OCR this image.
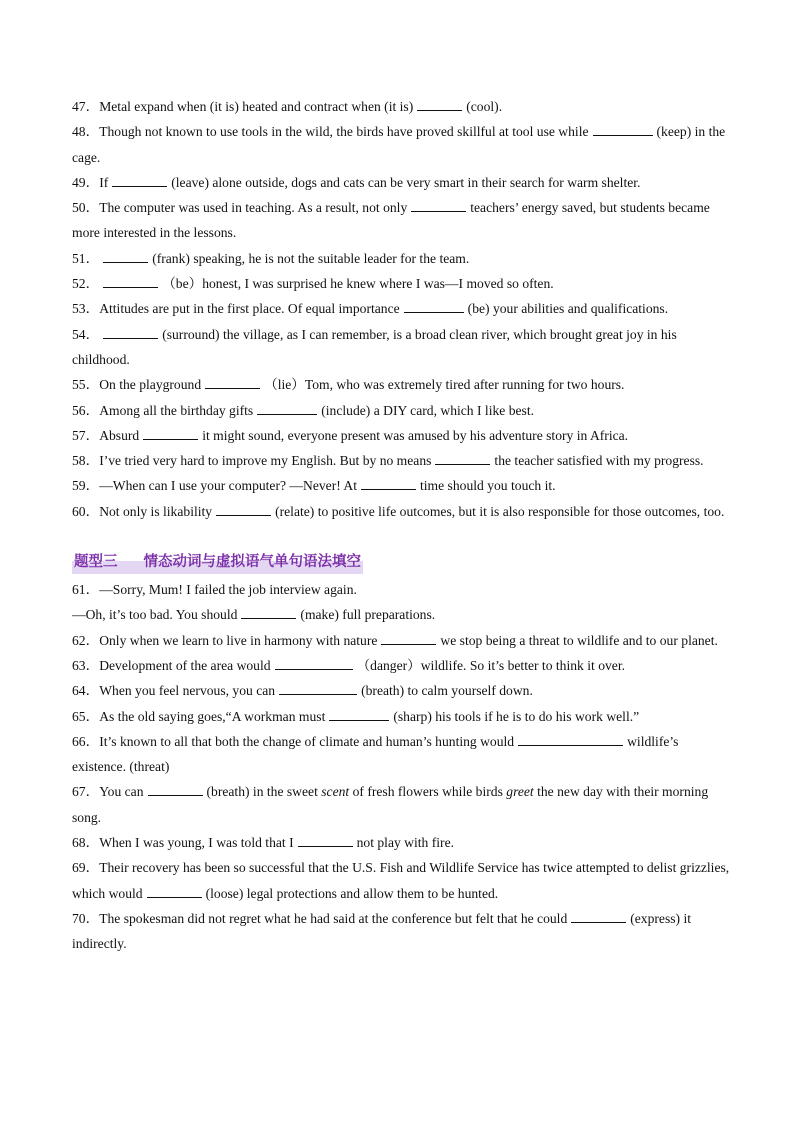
47．Metal expand when (it is) heated and contract when (it is)	(cool).
48．Though not known to use tools in the wild, the birds have proved skillful at tool use while	(keep) in the cage.
49．If	(leave) alone outside, dogs and cats can be very smart in their search for warm shelter.
50．The computer was used in teaching. As a result, not only	teachers’ energy saved, but students became more interested in the lessons.
51．	(frank) speaking, he is not the suitable leader for the team.
52．	（be）honest, I was surprised he knew where I was—I moved so often.
53．Attitudes are put in the first place. Of equal importance	(be) your abilities and qualifications.
54．	(surround) the village, as I can remember, is a broad clean river, which brought great joy in his childhood.
55．On the playground	（lie）Tom, who was extremely tired after running for two hours.
56．Among all the birthday gifts	(include) a DIY card, which I like best.
57．Absurd	it might sound, everyone present was amused by his adventure story in Africa.
58．I’ve tried very hard to improve my English. But by no means	the teacher satisfied with my progress.
59．—When can I use your computer? —Never! At	time should you touch it.
60．Not only is likability	(relate) to positive life outcomes, but it is also responsible for those outcomes, too.
题型三 情态动词与虚拟语气单句语法填空
61．—Sorry, Mum! I failed the job interview again.
—Oh, it’s too bad. You should	(make) full preparations.
62．Only when we learn to live in harmony with nature	we stop being a threat to wildlife and to our planet.
63．Development of the area would	（danger）wildlife. So it’s better to think it over.
64．When you feel nervous, you can	(breath) to calm yourself down.
65．As the old saying goes,“A workman must	(sharp) his tools if he is to do his work well.”
66．It’s known to all that both the change of climate and human’s hunting would	wildlife’s existence. (threat)
67．You can	(breath) in the sweet scent of fresh flowers while birds greet the new day with their morning song.
68．When I was young, I was told that I	not play with fire.
69．Their recovery has been so successful that the U.S. Fish and Wildlife Service has twice attempted to delist grizzlies, which would	(loose) legal protections and allow them to be hunted.
70．The spokesman did not regret what he had said at the conference but felt that he could	(express) it indirectly.
